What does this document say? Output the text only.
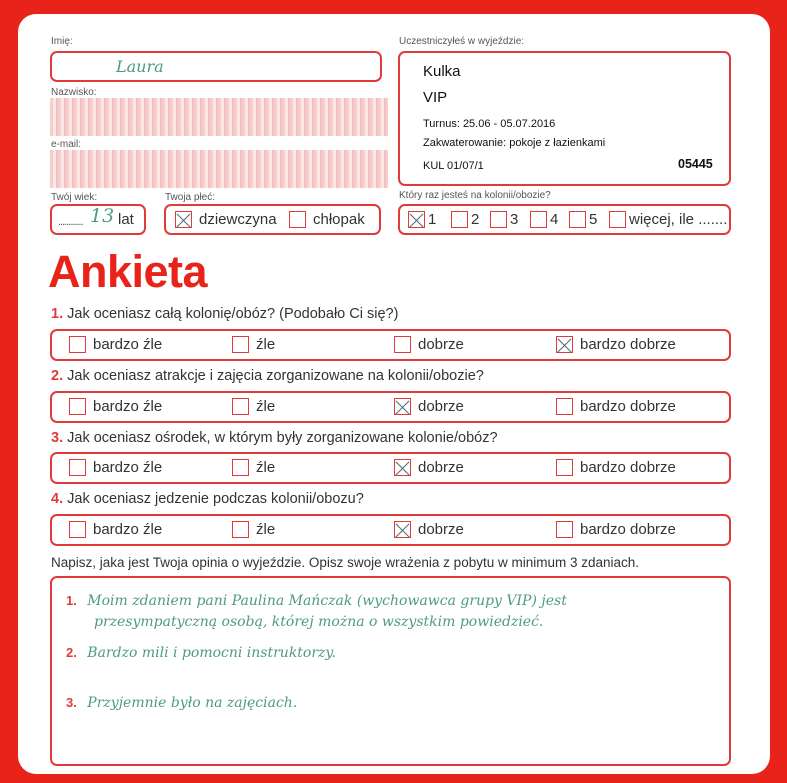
Imię:
Laura
Nazwisko:
e-mail:
Twój wiek:
............ 13 lat
Twoja płeć:
dziewczyna chłopak
Uczestniczyłeś w wyjeździe:
Kulka
VIP
Turnus: 25.06 - 05.07.2016
Zakwaterowanie: pokoje z łazienkami
KUL 01/07/1	05445
Który raz jesteś na kolonii/obozie?
1 2 3 4 5 więcej, ile .......
Ankieta
1. Jak oceniasz całą kolonię/obóz? (Podobało Ci się?)
bardzo źle	źle	dobrze	bardzo dobrze
2. Jak oceniasz atrakcje i zajęcia zorganizowane na kolonii/obozie?
bardzo źle	źle	dobrze	bardzo dobrze
3. Jak oceniasz ośrodek, w którym były zorganizowane kolonie/obóz?
bardzo źle	źle	dobrze	bardzo dobrze
4. Jak oceniasz jedzenie podczas kolonii/obozu?
bardzo źle	źle	dobrze	bardzo dobrze
Napisz, jaka jest Twoja opinia o wyjeździe. Opisz swoje wrażenia z pobytu w minimum 3 zdaniach.
1. Moim zdaniem pani Paulina Mańczak (wychowawca grupy VIP) jest
przesympatyczną osobą, której można o wszystkim powiedzieć.
2. Bardzo mili i pomocni instruktorzy.
3. Przyjemnie było na zajęciach.
